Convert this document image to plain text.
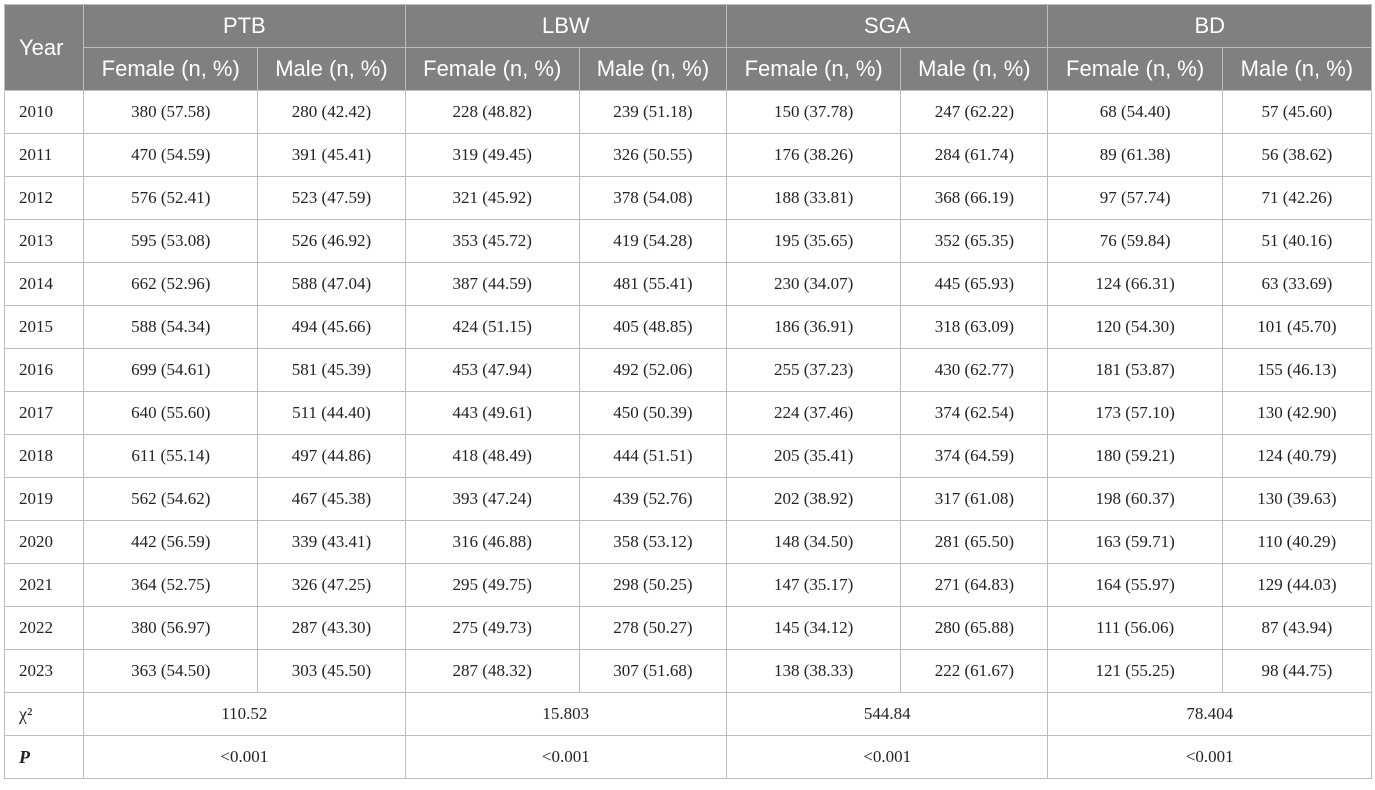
Year	PTB		LBW		SGA		BD	
	Female (n, %)	Male (n, %)	Female (n, %)	Male (n, %)	Female (n, %)	Male (n, %)	Female (n, %)	Male (n, %)
2010	380 (57.58)	280 (42.42)	228 (48.82)	239 (51.18)	150 (37.78)	247 (62.22)	68 (54.40)	57 (45.60)
2011	470 (54.59)	391 (45.41)	319 (49.45)	326 (50.55)	176 (38.26)	284 (61.74)	89 (61.38)	56 (38.62)
2012	576 (52.41)	523 (47.59)	321 (45.92)	378 (54.08)	188 (33.81)	368 (66.19)	97 (57.74)	71 (42.26)
2013	595 (53.08)	526 (46.92)	353 (45.72)	419 (54.28)	195 (35.65)	352 (65.35)	76 (59.84)	51 (40.16)
2014	662 (52.96)	588 (47.04)	387 (44.59)	481 (55.41)	230 (34.07)	445 (65.93)	124 (66.31)	63 (33.69)
2015	588 (54.34)	494 (45.66)	424 (51.15)	405 (48.85)	186 (36.91)	318 (63.09)	120 (54.30)	101 (45.70)
2016	699 (54.61)	581 (45.39)	453 (47.94)	492 (52.06)	255 (37.23)	430 (62.77)	181 (53.87)	155 (46.13)
2017	640 (55.60)	511 (44.40)	443 (49.61)	450 (50.39)	224 (37.46)	374 (62.54)	173 (57.10)	130 (42.90)
2018	611 (55.14)	497 (44.86)	418 (48.49)	444 (51.51)	205 (35.41)	374 (64.59)	180 (59.21)	124 (40.79)
2019	562 (54.62)	467 (45.38)	393 (47.24)	439 (52.76)	202 (38.92)	317 (61.08)	198 (60.37)	130 (39.63)
2020	442 (56.59)	339 (43.41)	316 (46.88)	358 (53.12)	148 (34.50)	281 (65.50)	163 (59.71)	110 (40.29)
2021	364 (52.75)	326 (47.25)	295 (49.75)	298 (50.25)	147 (35.17)	271 (64.83)	164 (55.97)	129 (44.03)
2022	380 (56.97)	287 (43.30)	275 (49.73)	278 (50.27)	145 (34.12)	280 (65.88)	111 (56.06)	87 (43.94)
2023	363 (54.50)	303 (45.50)	287 (48.32)	307 (51.68)	138 (38.33)	222 (61.67)	121 (55.25)	98 (44.75)
χ²	110.52		15.803		544.84		78.404	
P	<0.001		<0.001		<0.001		<0.001	
